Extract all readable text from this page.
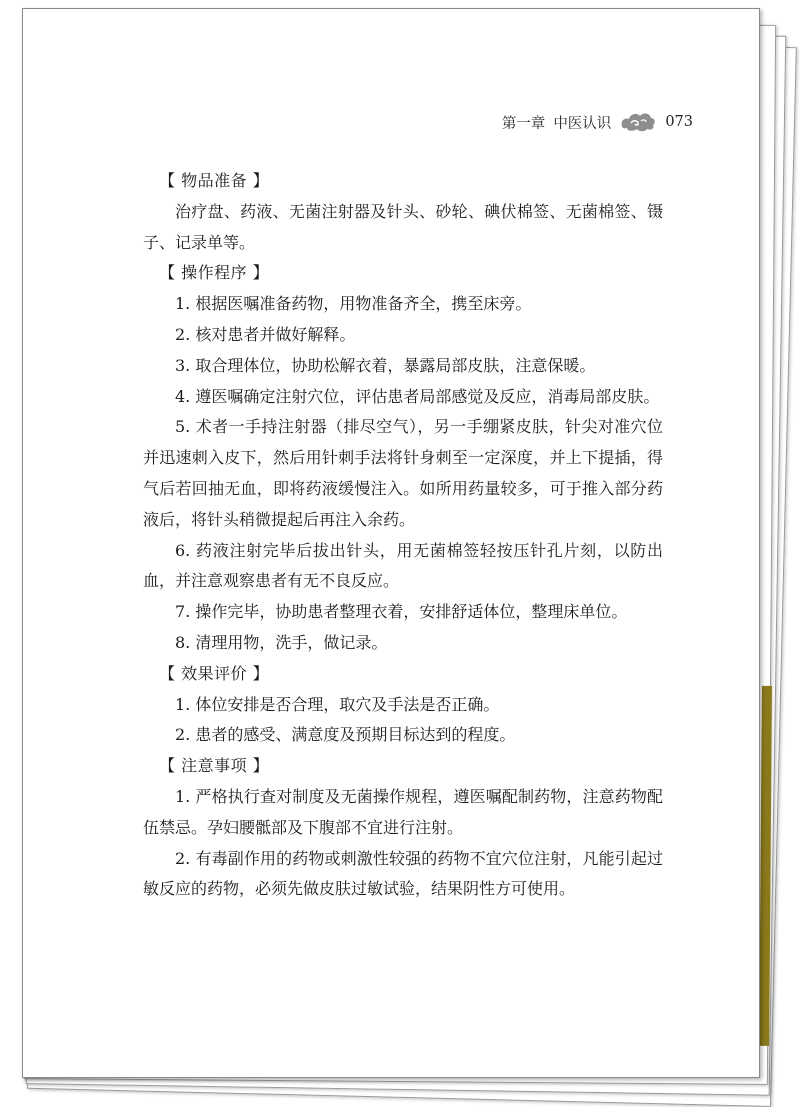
第一章 中医认识	073
【 物品准备 】

治疗盘、药液、无菌注射器及针头、砂轮、碘伏棉签、无菌棉签、镊子、记录单等。

【 操作程序 】

1. 根据医嘱准备药物，用物准备齐全，携至床旁。

2. 核对患者并做好解释。

3. 取合理体位，协助松解衣着，暴露局部皮肤，注意保暖。

4. 遵医嘱确定注射穴位，评估患者局部感觉及反应，消毒局部皮肤。

5. 术者一手持注射器（排尽空气），另一手绷紧皮肤，针尖对准穴位并迅速刺入皮下，然后用针刺手法将针身刺至一定深度，并上下提插，得气后若回抽无血，即将药液缓慢注入。如所用药量较多，可于推入部分药液后，将针头稍微提起后再注入余药。

6. 药液注射完毕后拔出针头，用无菌棉签轻按压针孔片刻，以防出血，并注意观察患者有无不良反应。

7. 操作完毕，协助患者整理衣着，安排舒适体位，整理床单位。

8. 清理用物，洗手，做记录。

【 效果评价 】

1. 体位安排是否合理，取穴及手法是否正确。

2. 患者的感受、满意度及预期目标达到的程度。

【 注意事项 】

1. 严格执行查对制度及无菌操作规程，遵医嘱配制药物，注意药物配伍禁忌。孕妇腰骶部及下腹部不宜进行注射。

2. 有毒副作用的药物或刺激性较强的药物不宜穴位注射，凡能引起过敏反应的药物，必须先做皮肤过敏试验，结果阴性方可使用。
